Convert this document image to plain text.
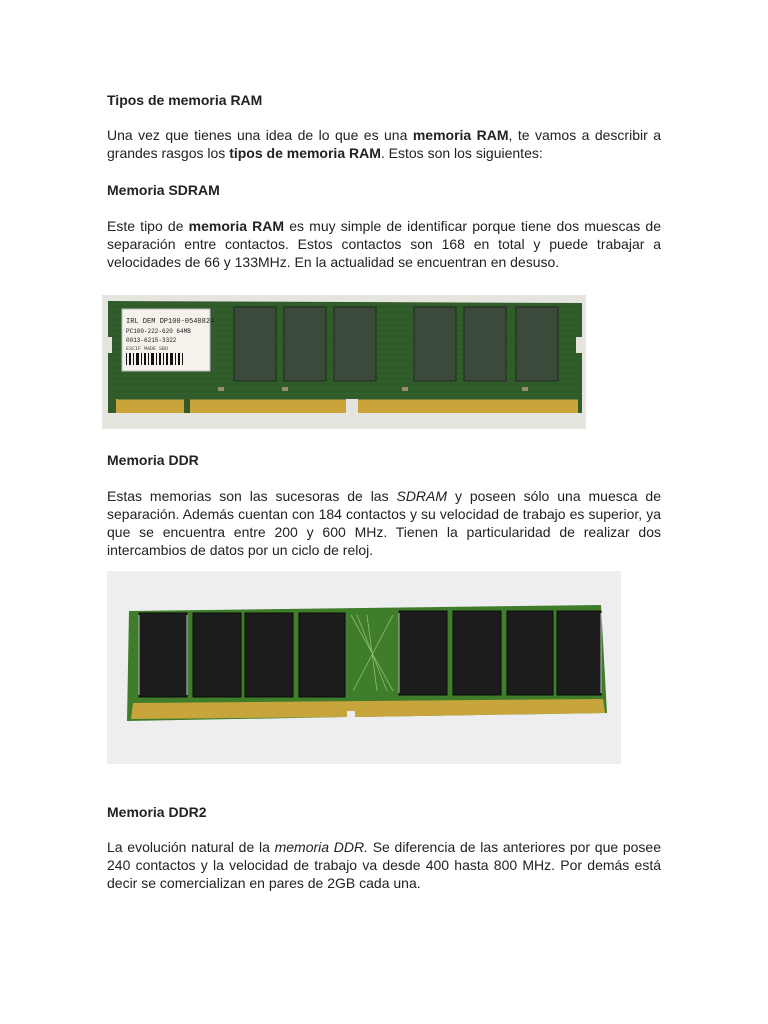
Tipos de memoria RAM

Una vez que tienes una idea de lo que es una memoria RAM, te vamos a describir a grandes rasgos los tipos de memoria RAM. Estos son los siguientes:

Memoria SDRAM

Este tipo de memoria RAM es muy simple de identificar porque tiene dos muescas de separación entre contactos. Estos contactos son 168 en total y puede trabajar a velocidades de 66 y 133MHz. En la actualidad se encuentran en desuso.

IRL DEM DP100-0540824
PC100-222-620 64MB
0013-6215-3322
ESCIF MADE SBO
Memoria DDR

Estas memorias son las sucesoras de las SDRAM y poseen sólo una muesca de separación. Además cuentan con 184 contactos y su velocidad de trabajo es superior, ya que se encuentra entre 200 y 600 MHz. Tienen la particularidad de realizar dos intercambios de datos por un ciclo de reloj.

Memoria DDR2

La evolución natural de la memoria DDR. Se diferencia de las anteriores por que posee 240 contactos y la velocidad de trabajo va desde 400 hasta 800 MHz. Por demás está decir se comercializan en pares de 2GB cada una.
